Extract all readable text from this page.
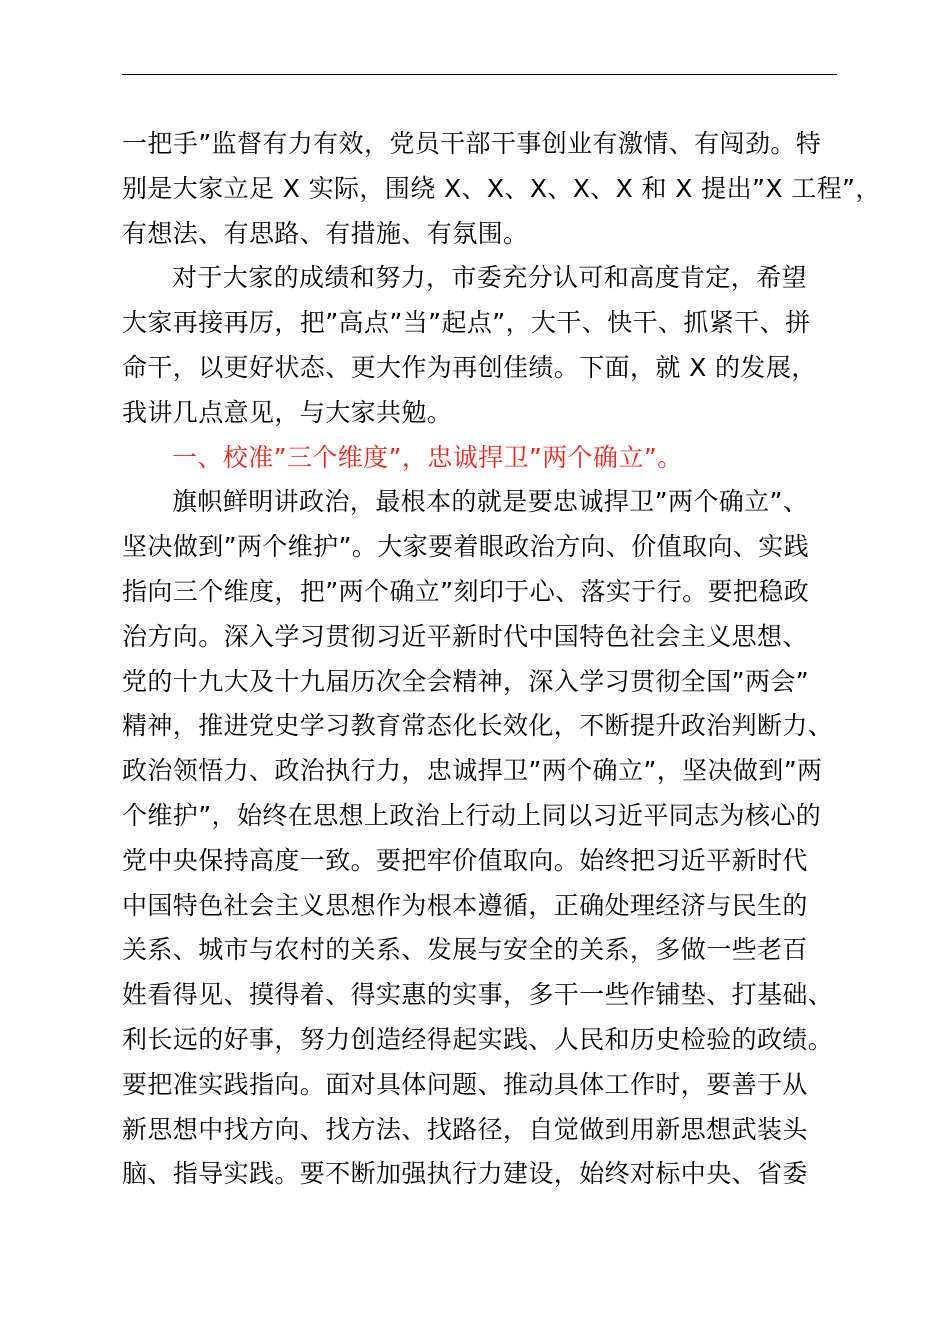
一把手”监督有力有效，党员干部干事创业有激情、有闯劲。特
别是大家立足 X 实际，围绕 X、X、X、X、X 和 X 提出”X 工程”，
有想法、有思路、有措施、有氛围。
对于大家的成绩和努力，市委充分认可和高度肯定，希望
大家再接再厉，把”高点”当”起点”，大干、快干、抓紧干、拼
命干，以更好状态、更大作为再创佳绩。下面，就 X 的发展，
我讲几点意见，与大家共勉。
一、校准”三个维度”，忠诚捍卫”两个确立”。
旗帜鲜明讲政治，最根本的就是要忠诚捍卫”两个确立”、
坚决做到”两个维护”。大家要着眼政治方向、价值取向、实践
指向三个维度，把”两个确立”刻印于心、落实于行。要把稳政
治方向。深入学习贯彻习近平新时代中国特色社会主义思想、
党的十九大及十九届历次全会精神，深入学习贯彻全国”两会”
精神，推进党史学习教育常态化长效化，不断提升政治判断力、
政治领悟力、政治执行力，忠诚捍卫”两个确立”，坚决做到”两
个维护”，始终在思想上政治上行动上同以习近平同志为核心的
党中央保持高度一致。要把牢价值取向。始终把习近平新时代
中国特色社会主义思想作为根本遵循，正确处理经济与民生的
关系、城市与农村的关系、发展与安全的关系，多做一些老百
姓看得见、摸得着、得实惠的实事，多干一些作铺垫、打基础、
利长远的好事，努力创造经得起实践、人民和历史检验的政绩。
要把准实践指向。面对具体问题、推动具体工作时，要善于从
新思想中找方向、找方法、找路径，自觉做到用新思想武装头
脑、指导实践。要不断加强执行力建设，始终对标中央、省委
